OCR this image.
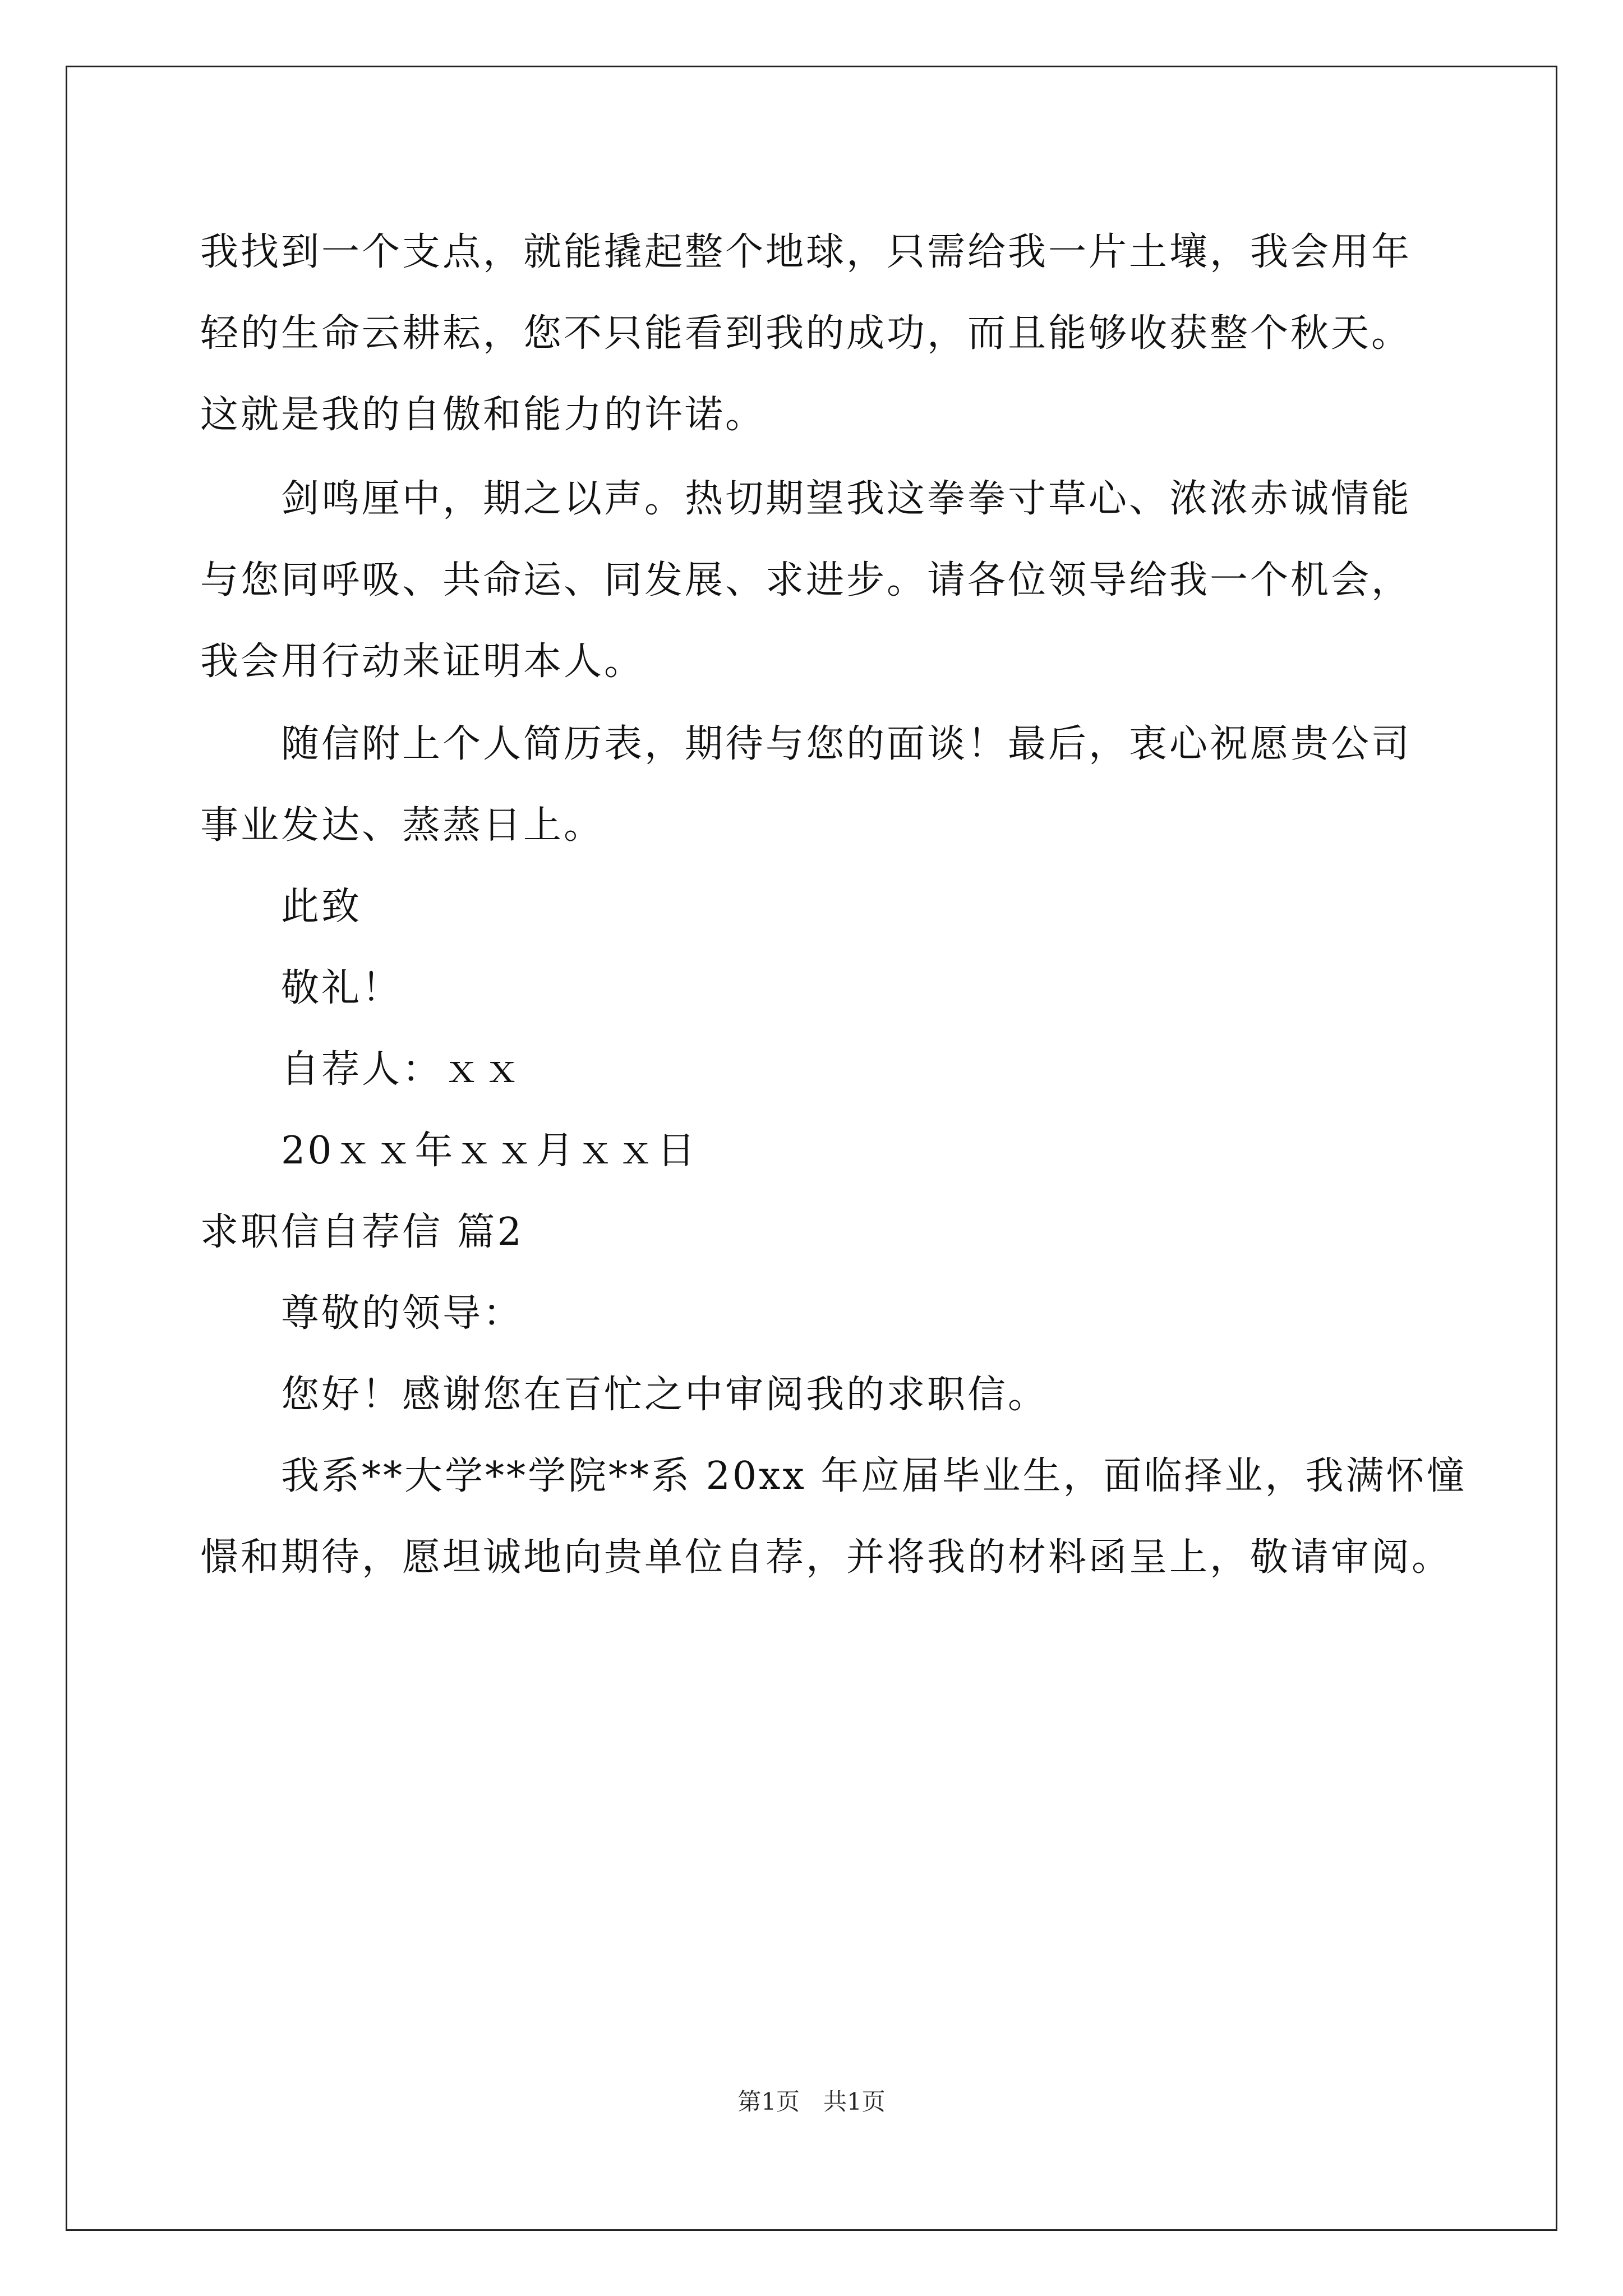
我找到一个支点，就能撬起整个地球，只需给我一片土壤，我会用年
轻的生命云耕耘，您不只能看到我的成功，而且能够收获整个秋天。
这就是我的自傲和能力的许诺。
剑鸣厘中，期之以声。热切期望我这拳拳寸草心、浓浓赤诚情能
与您同呼吸、共命运、同发展、求进步。请各位领导给我一个机会，
我会用行动来证明本人。
随信附上个人简历表，期待与您的面谈！最后，衷心祝愿贵公司
事业发达、蒸蒸日上。
此致
敬礼！
自荐人：ｘｘ
20ｘｘ年ｘｘ月ｘｘ日
求职信自荐信 篇2
尊敬的领导：
您好！感谢您在百忙之中审阅我的求职信。
我系**大学**学院**系 20xx 年应届毕业生，面临择业，我满怀憧
憬和期待，愿坦诚地向贵单位自荐，并将我的材料函呈上，敬请审阅。
第1页　共1页
